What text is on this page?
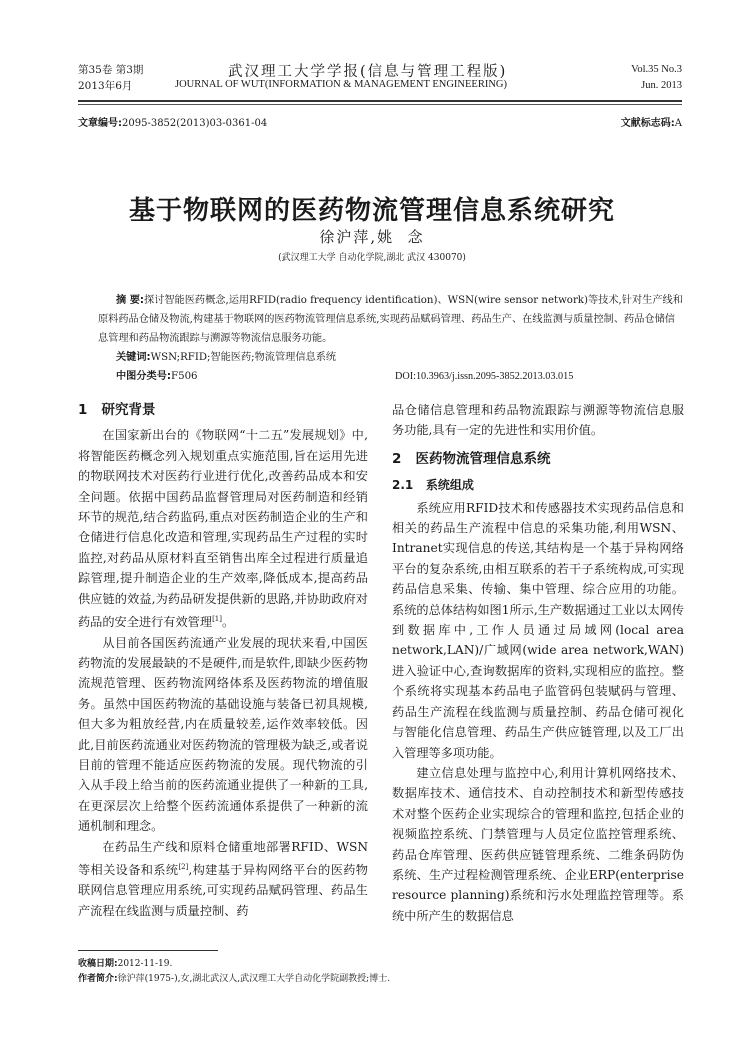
第35卷 第3期
2013年6月
武汉理工大学学报(信息与管理工程版)
JOURNAL OF WUT(INFORMATION & MANAGEMENT ENGINEERING)
Vol.35 No.3
Jun. 2013
文章编号:2095-3852(2013)03-0361-04	文献标志码:A
基于物联网的医药物流管理信息系统研究
徐沪萍,姚  念
(武汉理工大学 自动化学院,湖北 武汉 430070)
摘 要:探讨智能医药概念,运用RFID(radio frequency identification)、WSN(wire sensor network)等技术,针对生产线和原料药品仓储及物流,构建基于物联网的医药物流管理信息系统,实现药品赋码管理、药品生产、在线监测与质量控制、药品仓储信息管理和药品物流跟踪与溯源等物流信息服务功能。
关键词:WSN;RFID;智能医药;物流管理信息系统
中图分类号:F506	DOI:10.3963/j.issn.2095-3852.2013.03.015
1 研究背景

在国家新出台的《物联网“十二五”发展规划》中,将智能医药概念列入规划重点实施范围,旨在运用先进的物联网技术对医药行业进行优化,改善药品成本和安全问题。依据中国药品监督管理局对医药制造和经销环节的规范,结合药监码,重点对医药制造企业的生产和仓储进行信息化改造和管理,实现药品生产过程的实时监控,对药品从原材料直至销售出库全过程进行质量追踪管理,提升制造企业的生产效率,降低成本,提高药品供应链的效益,为药品研发提供新的思路,并协助政府对药品的安全进行有效管理[1]。

从目前各国医药流通产业发展的现状来看,中国医药物流的发展最缺的不是硬件,而是软件,即缺少医药物流规范管理、医药物流网络体系及医药物流的增值服务。虽然中国医药物流的基础设施与装备已初具规模,但大多为粗放经营,内在质量较差,运作效率较低。因此,目前医药流通业对医药物流的管理极为缺乏,或者说目前的管理不能适应医药物流的发展。现代物流的引入从手段上给当前的医药流通业提供了一种新的工具,在更深层次上给整个医药流通体系提供了一种新的流通机制和理念。

在药品生产线和原料仓储重地部署RFID、WSN等相关设备和系统[2],构建基于异构网络平台的医药物联网信息管理应用系统,可实现药品赋码管理、药品生产流程在线监测与质量控制、药

品仓储信息管理和药品物流跟踪与溯源等物流信息服务功能,具有一定的先进性和实用价值。

2 医药物流管理信息系统
2.1 系统组成

系统应用RFID技术和传感器技术实现药品信息和相关的药品生产流程中信息的采集功能,利用WSN、Intranet实现信息的传送,其结构是一个基于异构网络平台的复杂系统,由相互联系的若干子系统构成,可实现药品信息采集、传输、集中管理、综合应用的功能。系统的总体结构如图1所示,生产数据通过工业以太网传到数据库中,工作人员通过局域网(local area network,LAN)/广域网(wide area network,WAN)进入验证中心,查询数据库的资料,实现相应的监控。整个系统将实现基本药品电子监管码包装赋码与管理、药品生产流程在线监测与质量控制、药品仓储可视化与智能化信息管理、药品生产供应链管理,以及工厂出入管理等多项功能。

建立信息处理与监控中心,利用计算机网络技术、数据库技术、通信技术、自动控制技术和新型传感技术对整个医药企业实现综合的管理和监控,包括企业的视频监控系统、门禁管理与人员定位监控管理系统、药品仓库管理、医药供应链管理系统、二维条码防伪系统、生产过程检测管理系统、企业ERP(enterprise resource planning)系统和污水处理监控管理等。系统中所产生的数据信息

收稿日期:2012-11-19.
作者简介:徐沪萍(1975-),女,湖北武汉人,武汉理工大学自动化学院副教授;博士.
